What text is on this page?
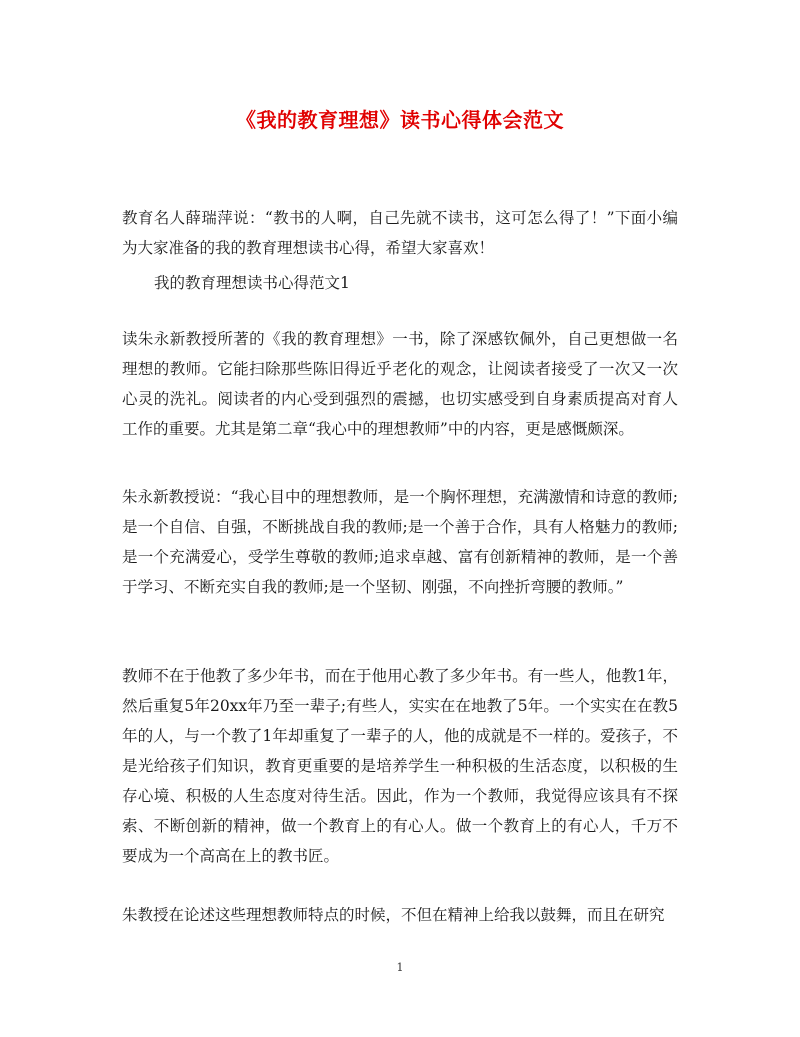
《我的教育理想》读书心得体会范文

教育名人薛瑞萍说：“教书的人啊，自己先就不读书，这可怎么得了！”下面小编为大家准备的我的教育理想读书心得，希望大家喜欢！

我的教育理想读书心得范文1

读朱永新教授所著的《我的教育理想》一书，除了深感钦佩外，自己更想做一名理想的教师。它能扫除那些陈旧得近乎老化的观念，让阅读者接受了一次又一次心灵的洗礼。阅读者的内心受到强烈的震撼，也切实感受到自身素质提高对育人工作的重要。尤其是第二章“我心中的理想教师”中的内容，更是感慨颇深。

朱永新教授说：“我心目中的理想教师，是一个胸怀理想，充满激情和诗意的教师;是一个自信、自强，不断挑战自我的教师;是一个善于合作，具有人格魅力的教师;是一个充满爱心，受学生尊敬的教师;追求卓越、富有创新精神的教师，是一个善于学习、不断充实自我的教师;是一个坚韧、刚强，不向挫折弯腰的教师。”

教师不在于他教了多少年书，而在于他用心教了多少年书。有一些人，他教1年，然后重复5年20xx年乃至一辈子;有些人，实实在在地教了5年。一个实实在在教5年的人，与一个教了1年却重复了一辈子的人，他的成就是不一样的。爱孩子，不是光给孩子们知识，教育更重要的是培养学生一种积极的生活态度，以积极的生存心境、积极的人生态度对待生活。因此，作为一个教师，我觉得应该具有不探索、不断创新的精神，做一个教育上的有心人。做一个教育上的有心人，千万不要成为一个高高在上的教书匠。

朱教授在论述这些理想教师特点的时候，不但在精神上给我以鼓舞，而且在研究

1
